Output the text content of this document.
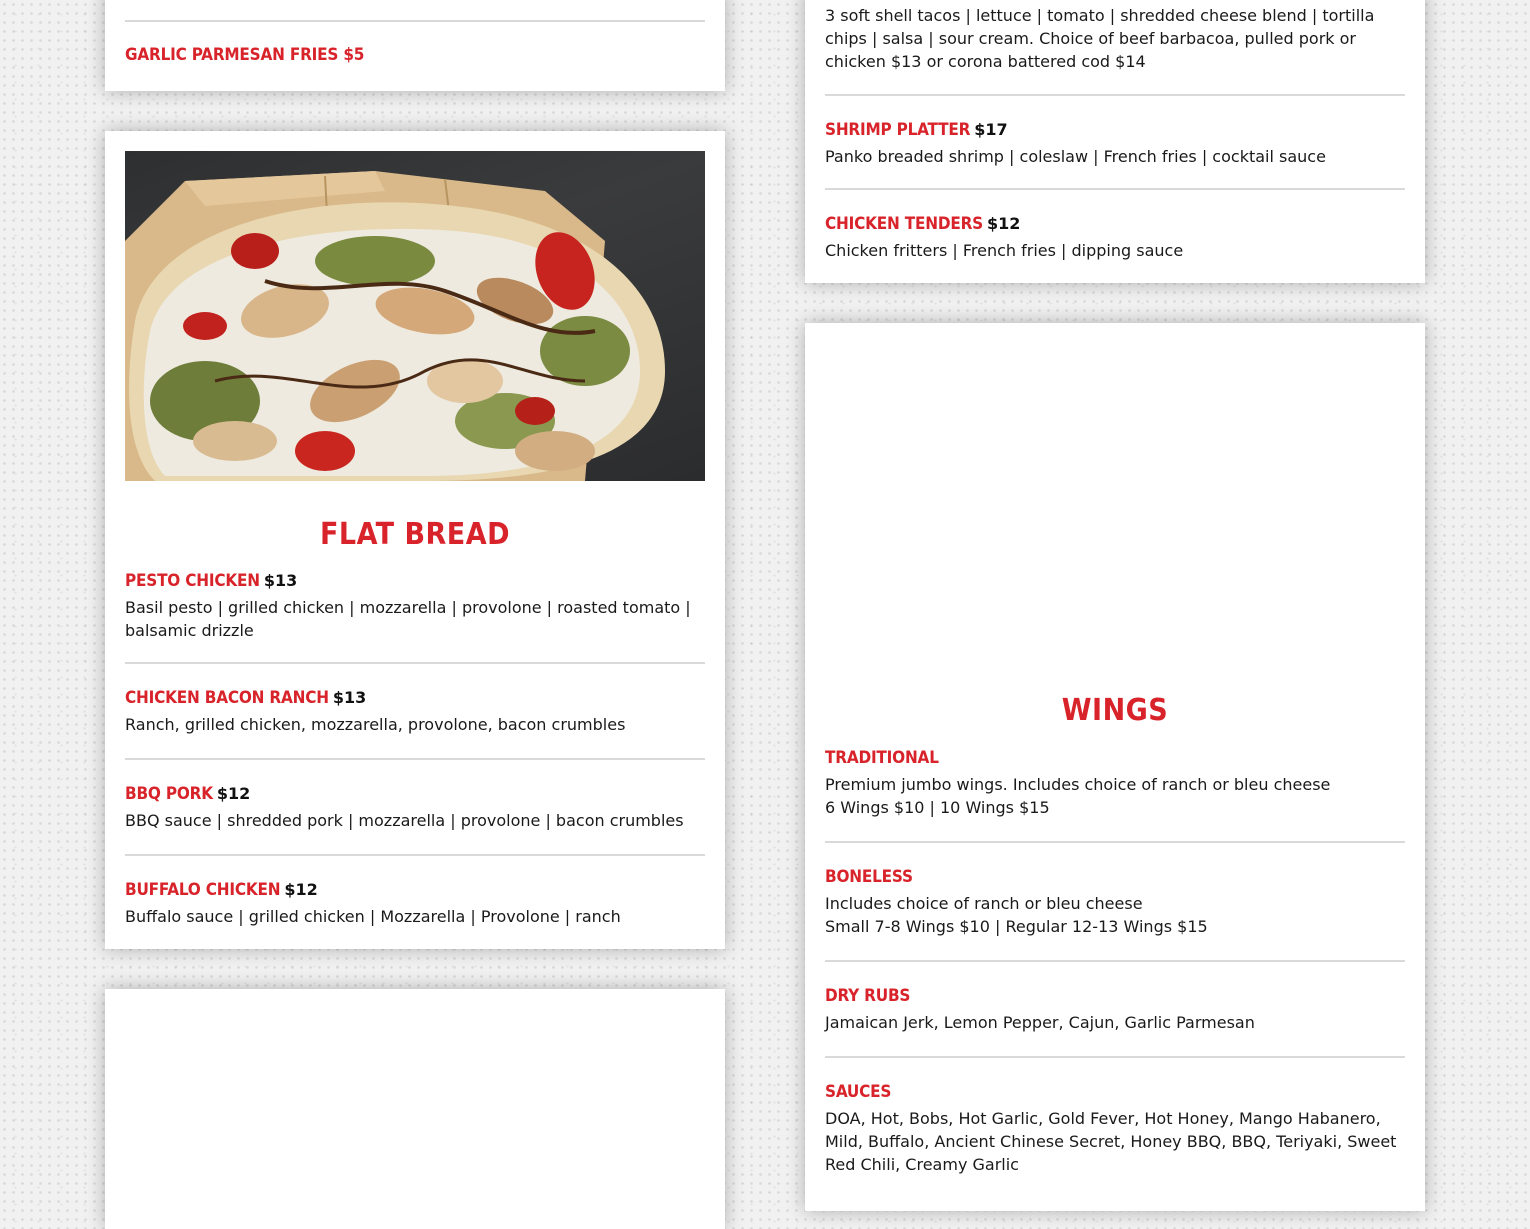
GARLIC PARMESAN FRIES $5
FLAT BREAD
PESTO CHICKEN $13
Basil pesto | grilled chicken | mozzarella | provolone | roasted tomato | balsamic drizzle
CHICKEN BACON RANCH $13
Ranch, grilled chicken, mozzarella, provolone, bacon crumbles
BBQ PORK $12
BBQ sauce | shredded pork | mozzarella | provolone | bacon crumbles
BUFFALO CHICKEN $12
Buffalo sauce | grilled chicken | Mozzarella | Provolone | ranch
3 soft shell tacos | lettuce | tomato | shredded cheese blend | tortilla chips | salsa | sour cream. Choice of beef barbacoa, pulled pork or chicken $13 or corona battered cod $14
SHRIMP PLATTER $17
Panko breaded shrimp | coleslaw | French fries | cocktail sauce
CHICKEN TENDERS $12
Chicken fritters | French fries | dipping sauce
WINGS
TRADITIONAL
Premium jumbo wings. Includes choice of ranch or bleu cheese
6 Wings $10 | 10 Wings $15
BONELESS
Includes choice of ranch or bleu cheese
Small 7-8 Wings $10 | Regular 12-13 Wings $15
DRY RUBS
Jamaican Jerk, Lemon Pepper, Cajun, Garlic Parmesan
SAUCES
DOA, Hot, Bobs, Hot Garlic, Gold Fever, Hot Honey, Mango Habanero, Mild, Buffalo, Ancient Chinese Secret, Honey BBQ, BBQ, Teriyaki, Sweet Red Chili, Creamy Garlic
